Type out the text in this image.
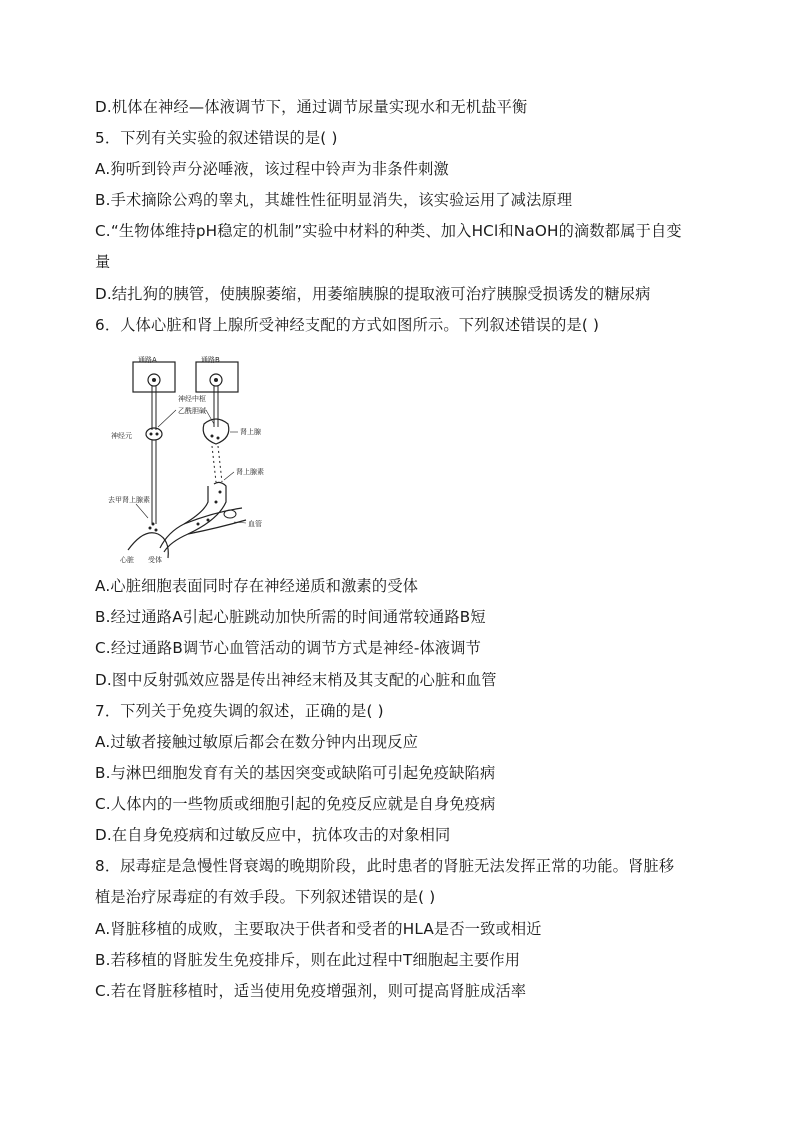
D.机体在神经—体液调节下，通过调节尿量实现水和无机盐平衡
5．下列有关实验的叙述错误的是( )
A.狗听到铃声分泌唾液，该过程中铃声为非条件刺激
B.手术摘除公鸡的睾丸，其雄性性征明显消失，该实验运用了减法原理
C.“生物体维持pH稳定的机制”实验中材料的种类、加入HCl和NaOH的滴数都属于自变
量
D.结扎狗的胰管，使胰腺萎缩，用萎缩胰腺的提取液可治疗胰腺受损诱发的糖尿病
6．人体心脏和肾上腺所受神经支配的方式如图所示。下列叙述错误的是( )
通路A	通路B
神经中枢
乙酰胆碱
神经元	肾上腺
肾上腺素
血管
去甲肾上腺素
心脏 受体
A.心脏细胞表面同时存在神经递质和激素的受体
B.经过通路A引起心脏跳动加快所需的时间通常较通路B短
C.经过通路B调节心血管活动的调节方式是神经-体液调节
D.图中反射弧效应器是传出神经末梢及其支配的心脏和血管
7．下列关于免疫失调的叙述，正确的是( )
A.过敏者接触过敏原后都会在数分钟内出现反应
B.与淋巴细胞发育有关的基因突变或缺陷可引起免疫缺陷病
C.人体内的一些物质或细胞引起的免疫反应就是自身免疫病
D.在自身免疫病和过敏反应中，抗体攻击的对象相同
8．尿毒症是急慢性肾衰竭的晚期阶段，此时患者的肾脏无法发挥正常的功能。肾脏移
植是治疗尿毒症的有效手段。下列叙述错误的是( )
A.肾脏移植的成败，主要取决于供者和受者的HLA是否一致或相近
B.若移植的肾脏发生免疫排斥，则在此过程中T细胞起主要作用
C.若在肾脏移植时，适当使用免疫增强剂，则可提高肾脏成活率
